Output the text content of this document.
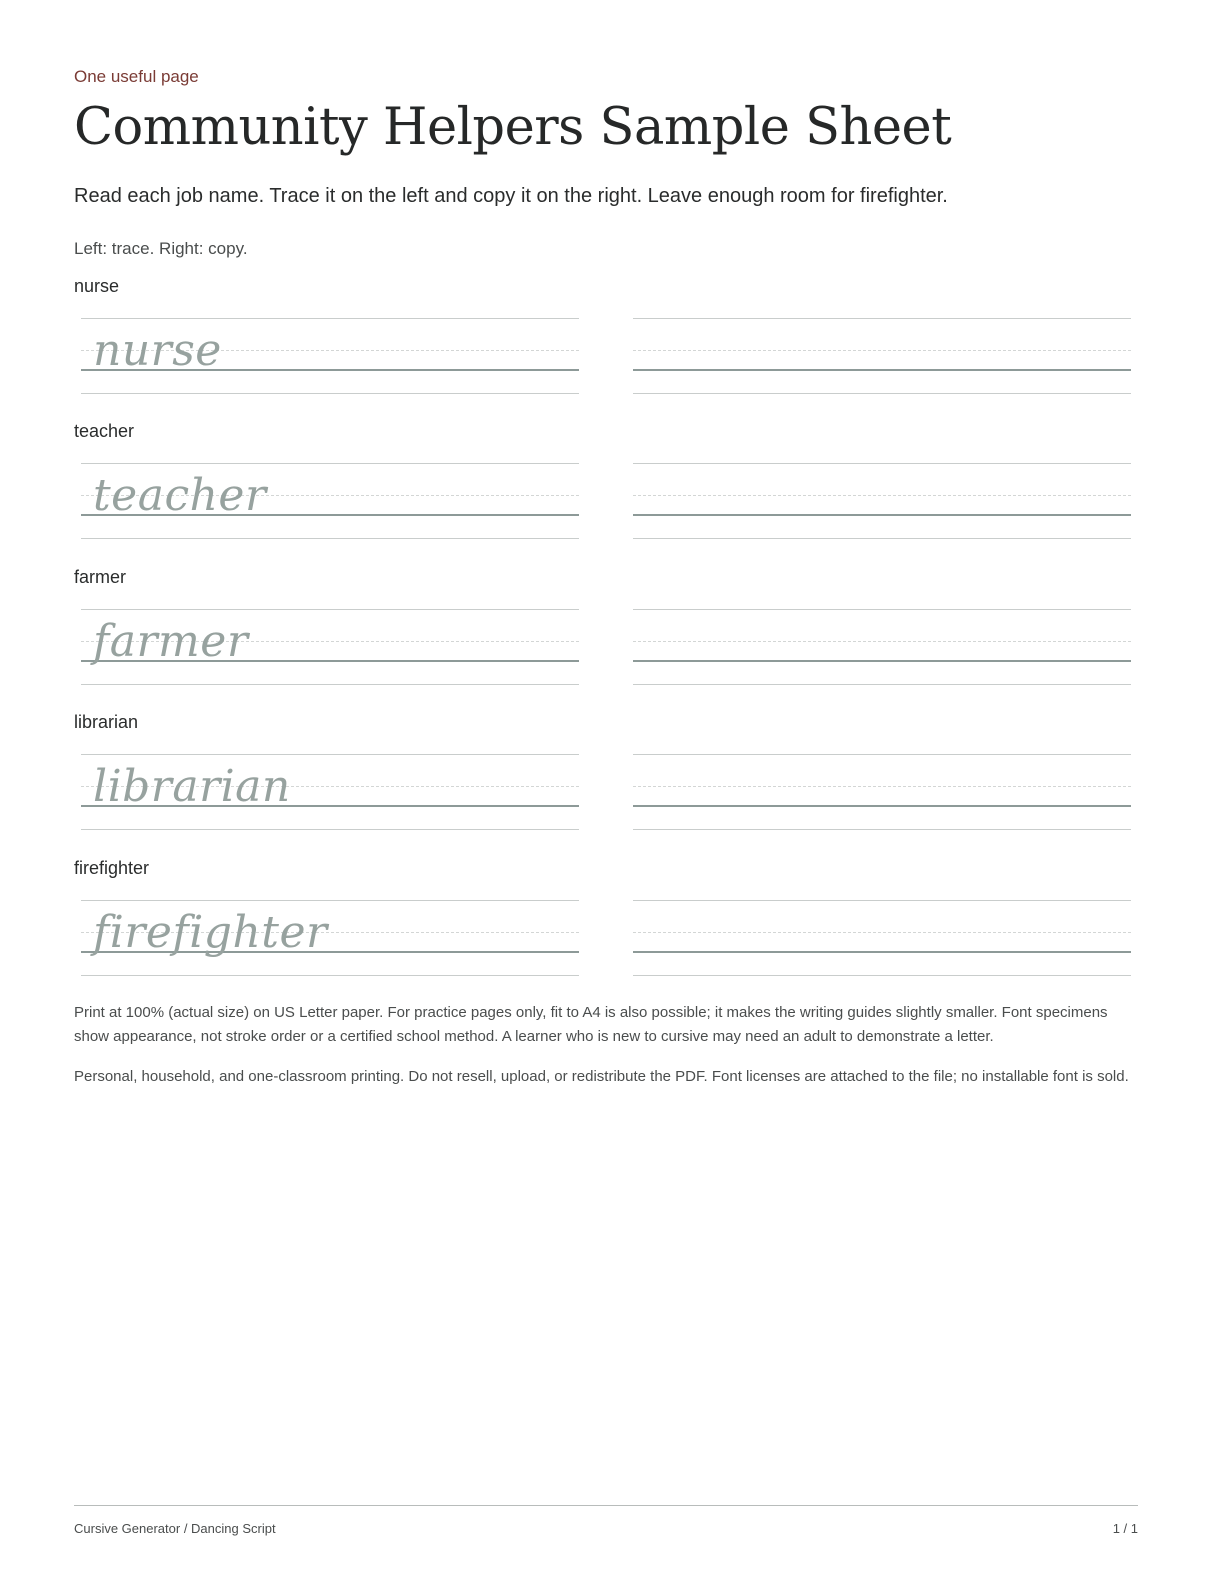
One useful page
Community Helpers Sample Sheet
Read each job name. Trace it on the left and copy it on the right. Leave enough room for firefighter.
Left: trace. Right: copy.
nurse
nurse
teacher
teacher
farmer
farmer
librarian
librarian
firefighter
firefighter
Print at 100% (actual size) on US Letter paper. For practice pages only, fit to A4 is also possible; it makes the writing guides slightly smaller. Font specimens show appearance, not stroke order or a certified school method. A learner who is new to cursive may need an adult to demonstrate a letter.
Personal, household, and one-classroom printing. Do not resell, upload, or redistribute the PDF. Font licenses are attached to the file; no installable font is sold.
Cursive Generator / Dancing Script	1 / 1
